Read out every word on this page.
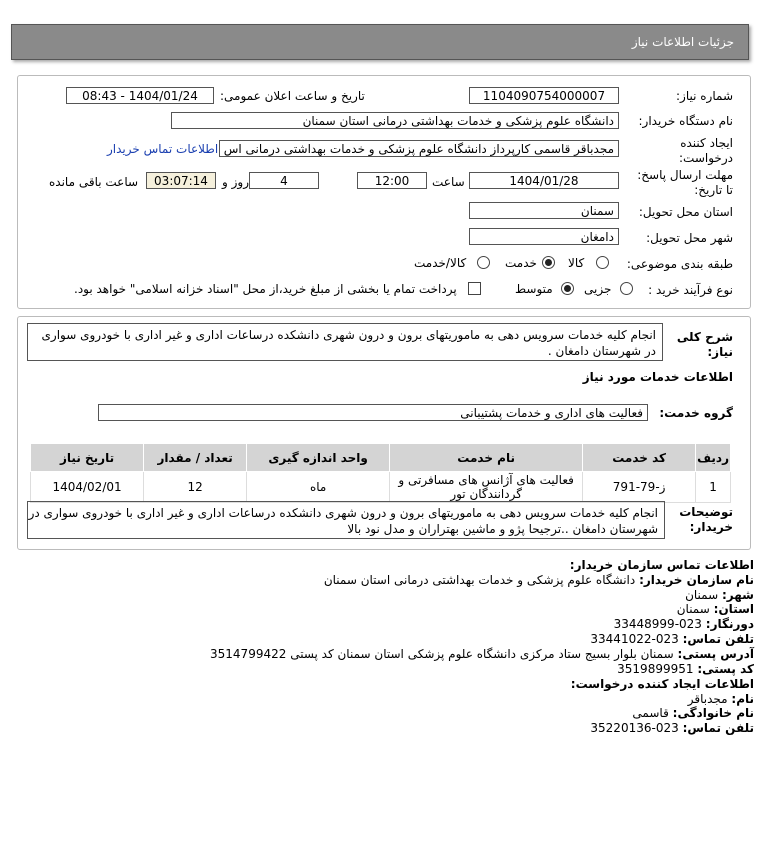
جزئیات اطلاعات نیاز
شماره نیاز:
1104090754000007
تاریخ و ساعت اعلان عمومی:
1404/01/24 - 08:43
نام دستگاه خریدار:
دانشگاه علوم پزشکی و خدمات بهداشتی درمانی استان سمنان
ایجاد کننده
درخواست:
مجدباقر قاسمی کارپرداز دانشگاه علوم پزشکی و خدمات بهداشتی درمانی اس
اطلاعات تماس خریدار
مهلت ارسال پاسخ:
تا تاریخ:
1404/01/28
ساعت
12:00
4
روز و
03:07:14
ساعت باقی مانده
استان محل تحویل:
سمنان
شهر محل تحویل:
دامغان
طبقه بندی موضوعی:
کالا
خدمت
کالا/خدمت
نوع فرآیند خرید :
جزیی
متوسط
پرداخت تمام یا بخشی از مبلغ خرید،از محل "اسناد خزانه اسلامی" خواهد بود.
شرح کلی
نیاز:
انجام کلیه خدمات سرویس دهی به ماموریتهای برون و درون شهری دانشکده درساعات اداری و غیر اداری با خودروی سواری
در شهرستان دامغان .
اطلاعات خدمات مورد نیاز
گروه خدمت:
فعالیت های اداری و خدمات پشتیبانی
ردیف	کد خدمت	نام خدمت	واحد اندازه گیری	تعداد / مقدار	تاریخ نیاز
1	ز-79-791	فعالیت های آژانس های مسافرتی و گردانندگان تور	ماه	12	1404/02/01
توضیحات
خریدار:
انجام کلیه خدمات سرویس دهی به ماموریتهای برون و درون شهری دانشکده درساعات اداری و غیر اداری با خودروی سواری در
شهرستان دامغان ..ترجیحا پژو و ماشین بهتراران و مدل نود بالا
اطلاعات تماس سازمان خریدار:
نام سازمان خریدار: دانشگاه علوم پزشکی و خدمات بهداشتی درمانی استان سمنان
شهر: سمنان
استان: سمنان
دورنگار: 023-33448999
تلفن تماس: 023-33441022
آدرس پستی: سمنان بلوار بسیج ستاد مرکزی دانشگاه علوم پزشکی استان سمنان کد پستی 3514799422
کد پستی: 3519899951
اطلاعات ایجاد کننده درخواست:
نام: مجدباقر
نام خانوادگی: قاسمی
تلفن تماس: 023-35220136
